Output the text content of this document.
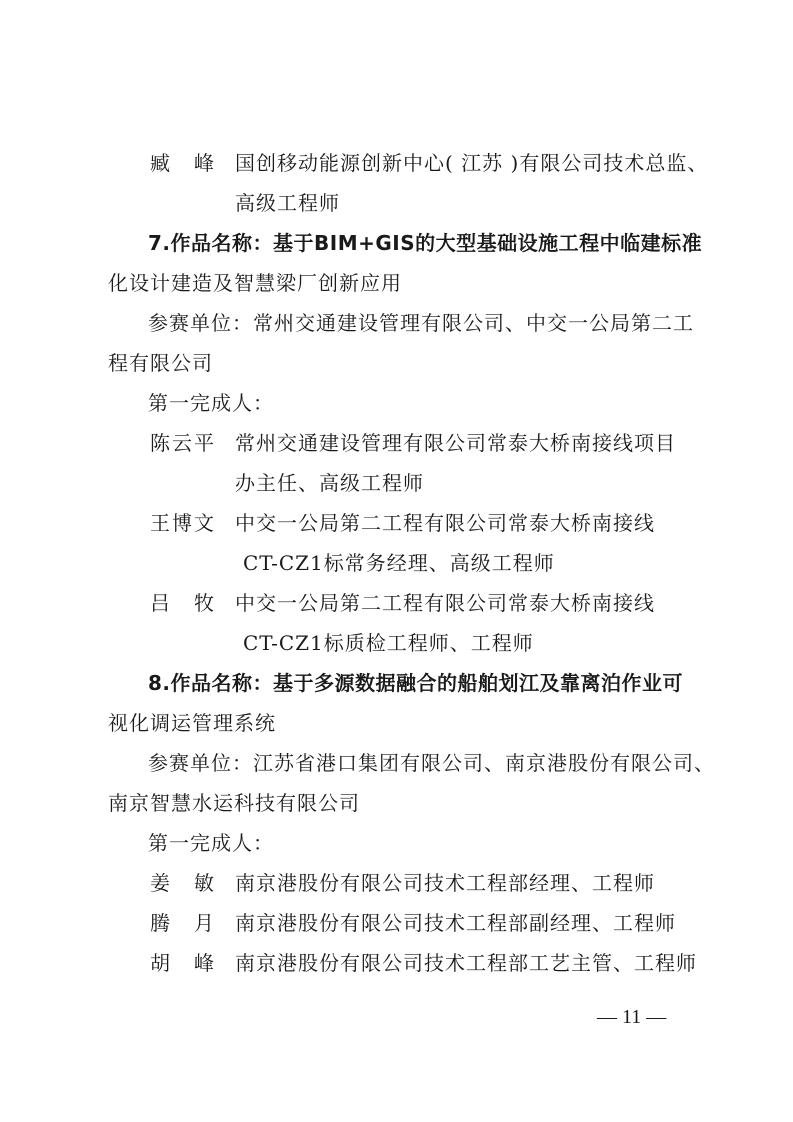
臧 峰 国创移动能源创新中心( 江苏 )有限公司技术总监、
高级工程师
7.作品名称：基于BIM+GIS的大型基础设施工程中临建标准
化设计建造及智慧梁厂创新应用
参赛单位：常州交通建设管理有限公司、中交一公局第二工
程有限公司
第一完成人：
陈 云 平 常州交通建设管理有限公司常泰大桥南接线项目
办主任、高级工程师
王 博 文 中交一公局第二工程有限公司常泰大桥南接线
CT-CZ1标常务经理、高级工程师
吕 牧 中交一公局第二工程有限公司常泰大桥南接线
CT-CZ1标质检工程师、工程师
8.作品名称：基于多源数据融合的船舶划江及靠离泊作业可
视化调运管理系统
参赛单位：江苏省港口集团有限公司、南京港股份有限公司、
南京智慧水运科技有限公司
第一完成人：
姜 敏 南京港股份有限公司技术工程部经理、工程师
腾 月 南京港股份有限公司技术工程部副经理、工程师
胡 峰 南京港股份有限公司技术工程部工艺主管、工程师
— 11 —
